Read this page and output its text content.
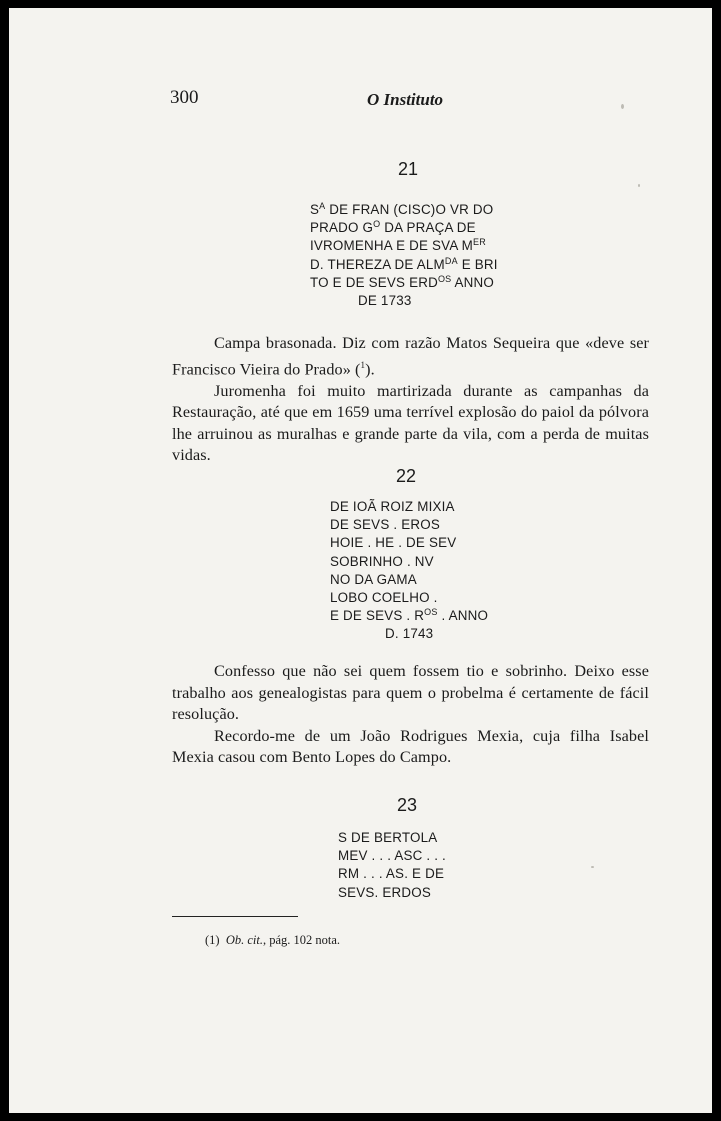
300	O Instituto
21
$S^A$ DE FRAN (CISC)O VR DO
PRADO $G^O$ DA PRAÇA DE
IVROMENHA E DE SVA MER
D. THEREZA DE $ALM^{DA}$ E BRI
TO E DE SEVS $ERD^{OS}$ ANNO
DE 1733

Campa brasonada. Diz com razão Matos Sequeira que «deve ser Francisco Vieira do Prado» ($^1$).

Juromenha foi muito martirizada durante as campanhas da Restauração, até que em 1659 uma terrível explosão do paiol da pólvora lhe arruinou as muralhas e grande parte da vila, com a perda de muitas vidas.

22
DE IOÃ ROIZ MIXIA
DE SEVS . EROS
HOIE . HE . DE SEV
SOBRINHO . NV
NO DA GAMA
LOBO COELHO .
E DE SEVS . $R^{OS}$ . ANNO
D. 1743

Confesso que não sei quem fossem tio e sobrinho. Deixo esse trabalho aos genealogistas para quem o probelma é certamente de fácil resolução.

Recordo-me de um João Rodrigues Mexia, cuja filha Isabel Mexia casou com Bento Lopes do Campo.

23
S DE BERTOLA
MEV . . . ASC . . .
RM . . . AS. E DE
SEVS. ERDOS
(1) Ob. cit., pág. 102 nota.
